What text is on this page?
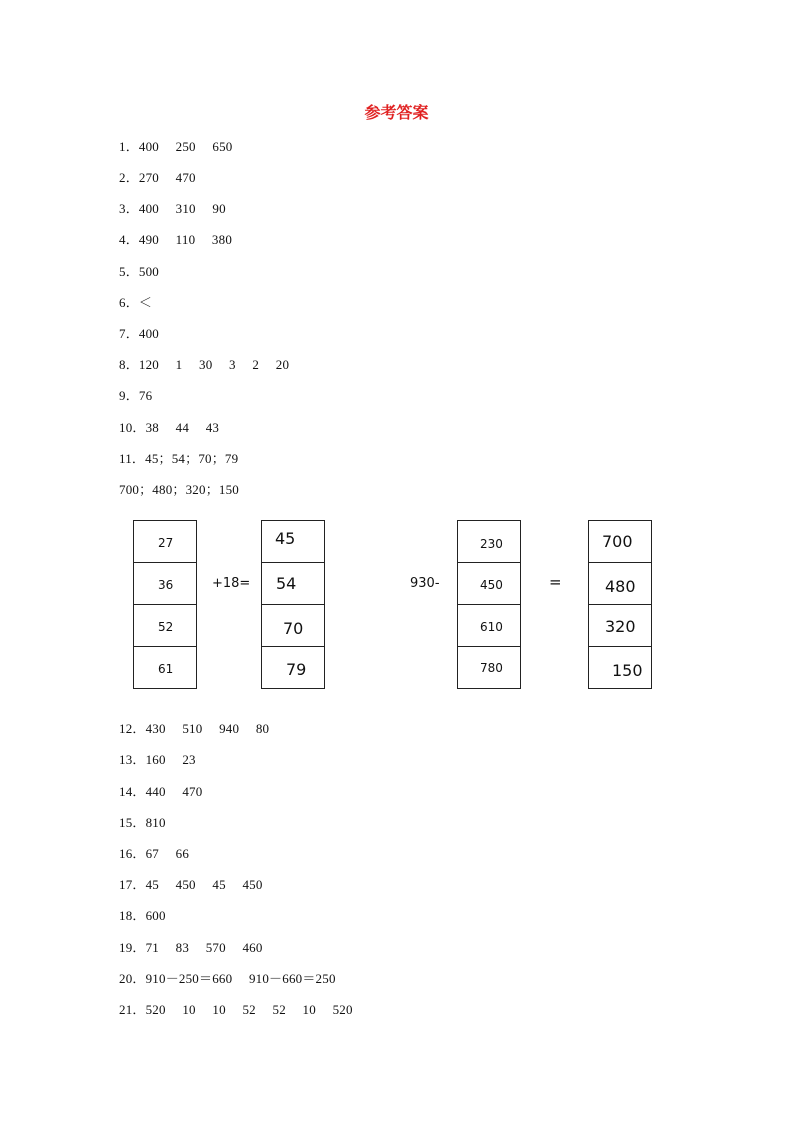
参考答案
1．400　 250　 650
2．270　 470
3．400　 310　 90
4．490　 110　 380
5．500
6．＜
7．400
8．120　 1　 30　 3　 2　 20
9．76
10．38　 44　 43
11．45；54；70；79
700；480；320；150
27
36
52
61
+18=
45
54
70
79
930-
230
450
610
780
=
700
480
320
150
12．430　 510　 940　 80
13．160　 23
14．440　 470
15．810
16．67　 66
17．45　 450　 45　 450
18．600
19．71　 83　 570　 460
20．910－250＝660　 910－660＝250
21．520　 10　 10　 52　 52　 10　 520
